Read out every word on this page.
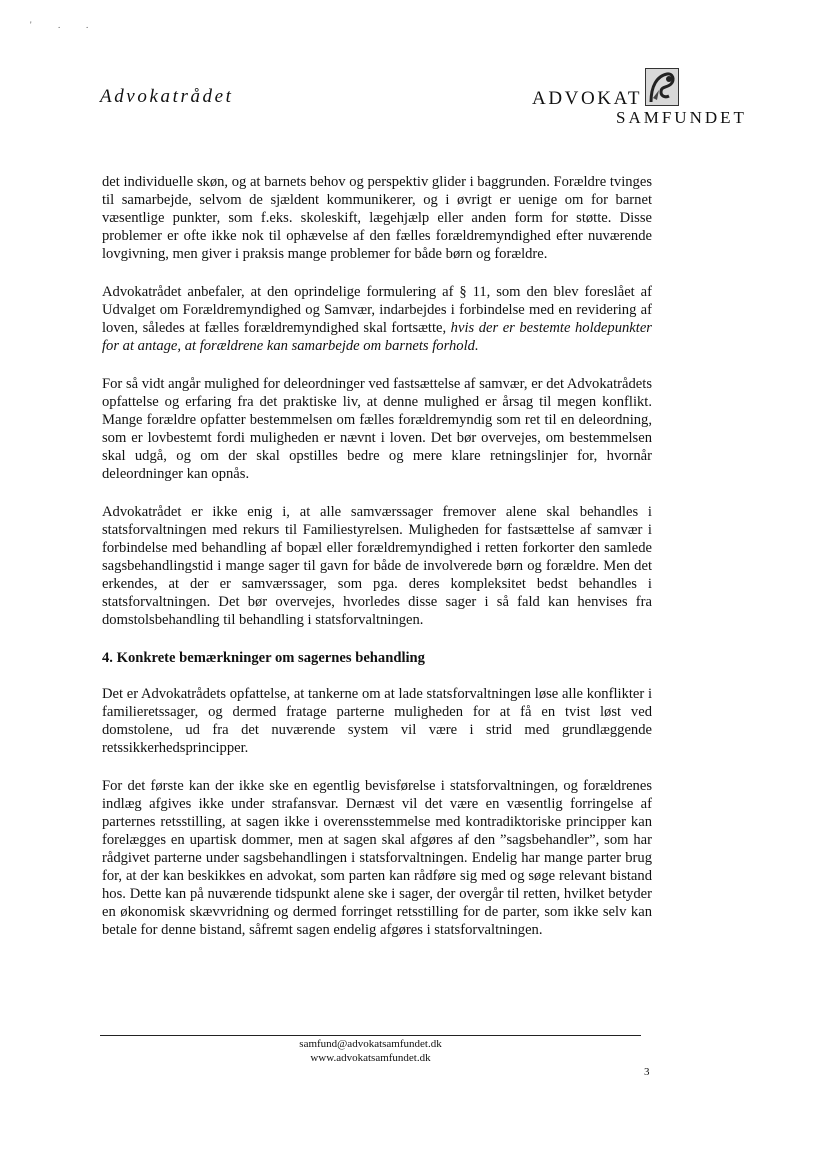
'	.	.
Advokatrådet	ADVOKAT
SAMFUNDET

det individuelle skøn, og at barnets behov og perspektiv glider i baggrunden. Forældre tvinges til samarbejde, selvom de sjældent kommunikerer, og i øvrigt er uenige om for barnet væsentlige punkter, som f.eks. skoleskift, lægehjælp eller anden form for støtte. Disse problemer er ofte ikke nok til ophævelse af den fælles forældremyndighed efter nuværende lovgivning, men giver i praksis mange problemer for både børn og forældre.

Advokatrådet anbefaler, at den oprindelige formulering af § 11, som den blev foreslået af Udvalget om Forældremyndighed og Samvær, indarbejdes i forbindelse med en revidering af loven, således at fælles forældremyndighed skal fortsætte, hvis der er bestemte holdepunkter for at antage, at forældrene kan samarbejde om barnets forhold.

For så vidt angår mulighed for deleordninger ved fastsættelse af samvær, er det Advokatrådets opfattelse og erfaring fra det praktiske liv, at denne mulighed er årsag til megen konflikt. Mange forældre opfatter bestemmelsen om fælles forældremyndig som ret til en deleordning, som er lovbestemt fordi muligheden er nævnt i loven. Det bør overvejes, om bestemmelsen skal udgå, og om der skal opstilles bedre og mere klare retningslinjer for, hvornår deleordninger kan opnås.

Advokatrådet er ikke enig i, at alle samværssager fremover alene skal behandles i statsforvaltningen med rekurs til Familiestyrelsen. Muligheden for fastsættelse af samvær i forbindelse med behandling af bopæl eller forældremyndighed i retten forkorter den samlede sagsbehandlingstid i mange sager til gavn for både de involverede børn og forældre. Men det erkendes, at der er samværssager, som pga. deres kompleksitet bedst behandles i statsforvaltningen. Det bør overvejes, hvorledes disse sager i så fald kan henvises fra domstolsbehandling til behandling i statsforvaltningen.

4. Konkrete bemærkninger om sagernes behandling

Det er Advokatrådets opfattelse, at tankerne om at lade statsforvaltningen løse alle konflikter i familieretssager, og dermed fratage parterne muligheden for at få en tvist løst ved domstolene, ud fra det nuværende system vil være i strid med grundlæggende retssikkerhedsprincipper.

For det første kan der ikke ske en egentlig bevisførelse i statsforvaltningen, og forældrenes indlæg afgives ikke under strafansvar. Dernæst vil det være en væsentlig forringelse af parternes retsstilling, at sagen ikke i overensstemmelse med kontradiktoriske principper kan forelægges en upartisk dommer, men at sagen skal afgøres af den ”sagsbehandler”, som har rådgivet parterne under sagsbehandlingen i statsforvaltningen. Endelig har mange parter brug for, at der kan beskikkes en advokat, som parten kan rådføre sig med og søge relevant bistand hos. Dette kan på nuværende tidspunkt alene ske i sager, der overgår til retten, hvilket betyder en økonomisk skævvridning og dermed forringet retsstilling for de parter, som ikke selv kan betale for denne bistand, såfremt sagen endelig afgøres i statsforvaltningen.

samfund@advokatsamfundet.dk
www.advokatsamfundet.dk
3
